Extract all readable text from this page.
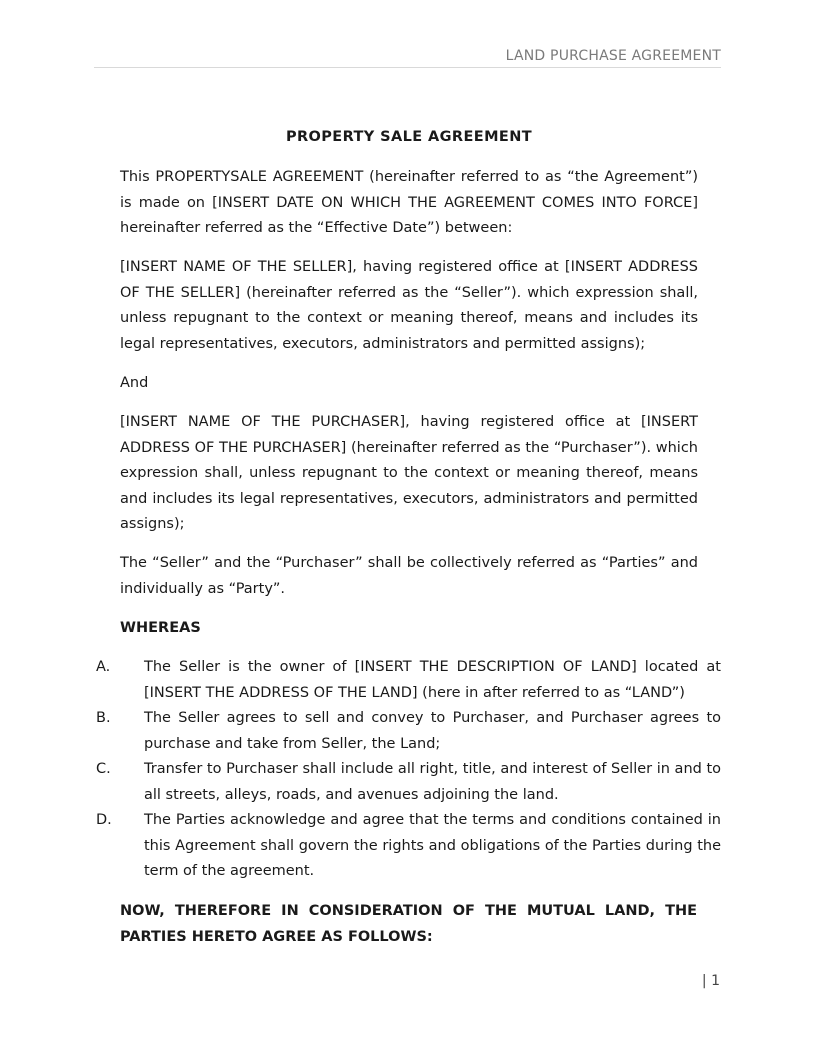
LAND PURCHASE AGREEMENT
PROPERTY SALE AGREEMENT

This PROPERTYSALE AGREEMENT (hereinafter referred to as “the Agreement”) is made on [INSERT DATE ON WHICH THE AGREEMENT COMES INTO FORCE] hereinafter referred as the “Effective Date”) between:

[INSERT NAME OF THE SELLER], having registered office at [INSERT ADDRESS OF THE SELLER] (hereinafter referred as the “Seller”). which expression shall, unless repugnant to the context or meaning thereof, means and includes its legal representatives, executors, administrators and permitted assigns);

And

[INSERT NAME OF THE PURCHASER], having registered office at [INSERT ADDRESS OF THE PURCHASER] (hereinafter referred as the “Purchaser”). which expression shall, unless repugnant to the context or meaning thereof, means and includes its legal representatives, executors, administrators and permitted assigns);

The “Seller” and the “Purchaser” shall be collectively referred as “Parties” and individually as “Party”.

WHEREAS
A. The Seller is the owner of [INSERT THE DESCRIPTION OF LAND] located at [INSERT THE ADDRESS OF THE LAND] (here in after referred to as “LAND”)

B. The Seller agrees to sell and convey to Purchaser, and Purchaser agrees to purchase and take from Seller, the Land;

C. Transfer to Purchaser shall include all right, title, and interest of Seller in and to all streets, alleys, roads, and avenues adjoining the land.

D. The Parties acknowledge and agree that the terms and conditions contained in this Agreement shall govern the rights and obligations of the Parties during the term of the agreement.

NOW, THEREFORE IN CONSIDERATION OF THE MUTUAL LAND, THE PARTIES HERETO AGREE AS FOLLOWS:

| 1
